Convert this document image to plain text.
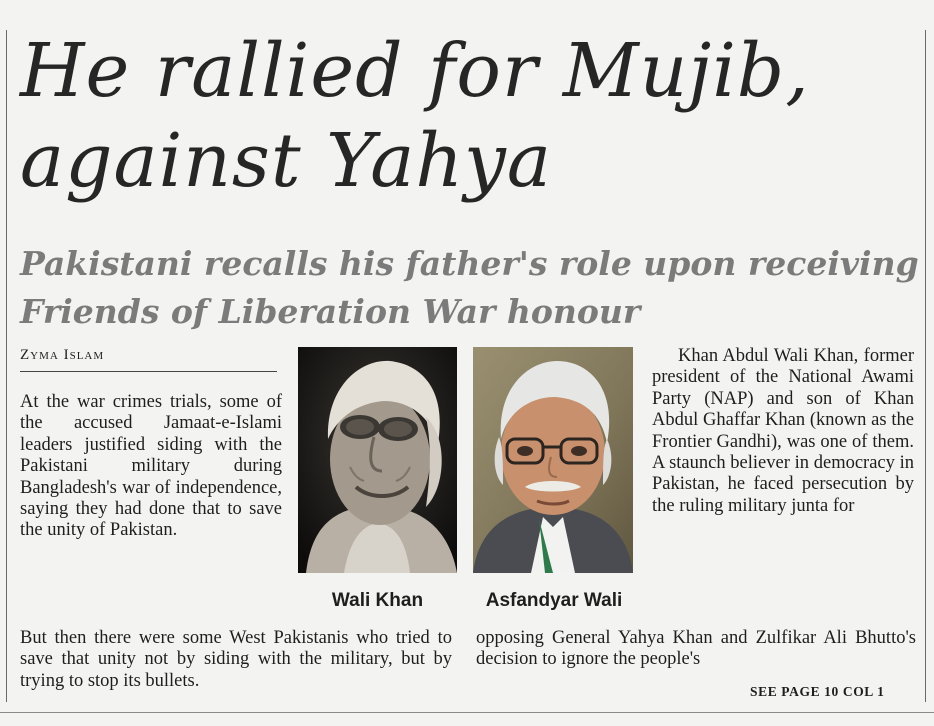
He rallied for Mujib,
against Yahya
Pakistani recalls his father's role upon receiving
Friends of Liberation War honour
Zyma Islam

At the war crimes trials, some of the accused Jamaat-e-Islami leaders justified siding with the Pakistani military during Bangladesh's war of independence, saying they had done that to save the unity of Pakistan.

Wali Khan	Asfandyar Wali

Khan Abdul Wali Khan, former president of the National Awami Party (NAP) and son of Khan Abdul Ghaffar Khan (known as the Frontier Gandhi), was one of them. A staunch believer in democracy in Pakistan, he faced persecution by the ruling military junta for

But then there were some West Pakistanis who tried to save that unity not by siding with the military, but by trying to stop its bullets.

opposing General Yahya Khan and Zulfikar Ali Bhutto's decision to ignore the people's

SEE PAGE 10 COL 1
